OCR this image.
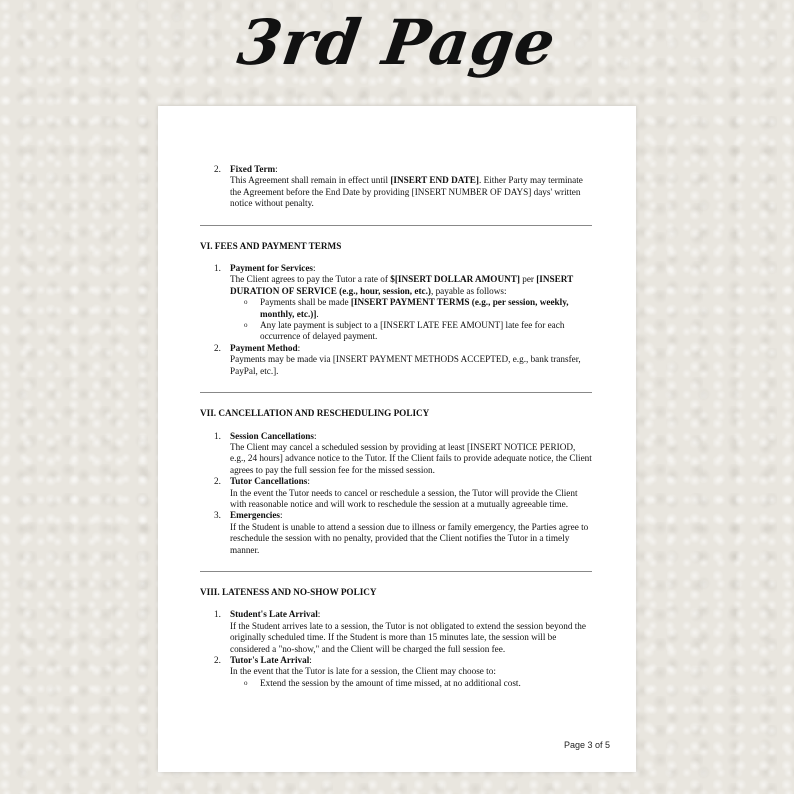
3rd Page
2. Fixed Term:
This Agreement shall remain in effect until [INSERT END DATE]. Either Party may terminate the Agreement before the End Date by providing [INSERT NUMBER OF DAYS] days' written notice without penalty.
VI. FEES AND PAYMENT TERMS
1. Payment for Services:
The Client agrees to pay the Tutor a rate of $[INSERT DOLLAR AMOUNT] per [INSERT DURATION OF SERVICE (e.g., hour, session, etc.), payable as follows:
o Payments shall be made [INSERT PAYMENT TERMS (e.g., per session, weekly, monthly, etc.)].
o Any late payment is subject to a [INSERT LATE FEE AMOUNT] late fee for each occurrence of delayed payment.
2. Payment Method:
Payments may be made via [INSERT PAYMENT METHODS ACCEPTED, e.g., bank transfer, PayPal, etc.].
VII. CANCELLATION AND RESCHEDULING POLICY
1. Session Cancellations:
The Client may cancel a scheduled session by providing at least [INSERT NOTICE PERIOD, e.g., 24 hours] advance notice to the Tutor. If the Client fails to provide adequate notice, the Client agrees to pay the full session fee for the missed session.
2. Tutor Cancellations:
In the event the Tutor needs to cancel or reschedule a session, the Tutor will provide the Client with reasonable notice and will work to reschedule the session at a mutually agreeable time.
3. Emergencies:
If the Student is unable to attend a session due to illness or family emergency, the Parties agree to reschedule the session with no penalty, provided that the Client notifies the Tutor in a timely manner.
VIII. LATENESS AND NO-SHOW POLICY
1. Student's Late Arrival:
If the Student arrives late to a session, the Tutor is not obligated to extend the session beyond the originally scheduled time. If the Student is more than 15 minutes late, the session will be considered a "no-show," and the Client will be charged the full session fee.
2. Tutor's Late Arrival:
In the event that the Tutor is late for a session, the Client may choose to:
o Extend the session by the amount of time missed, at no additional cost.
Page 3 of 5
